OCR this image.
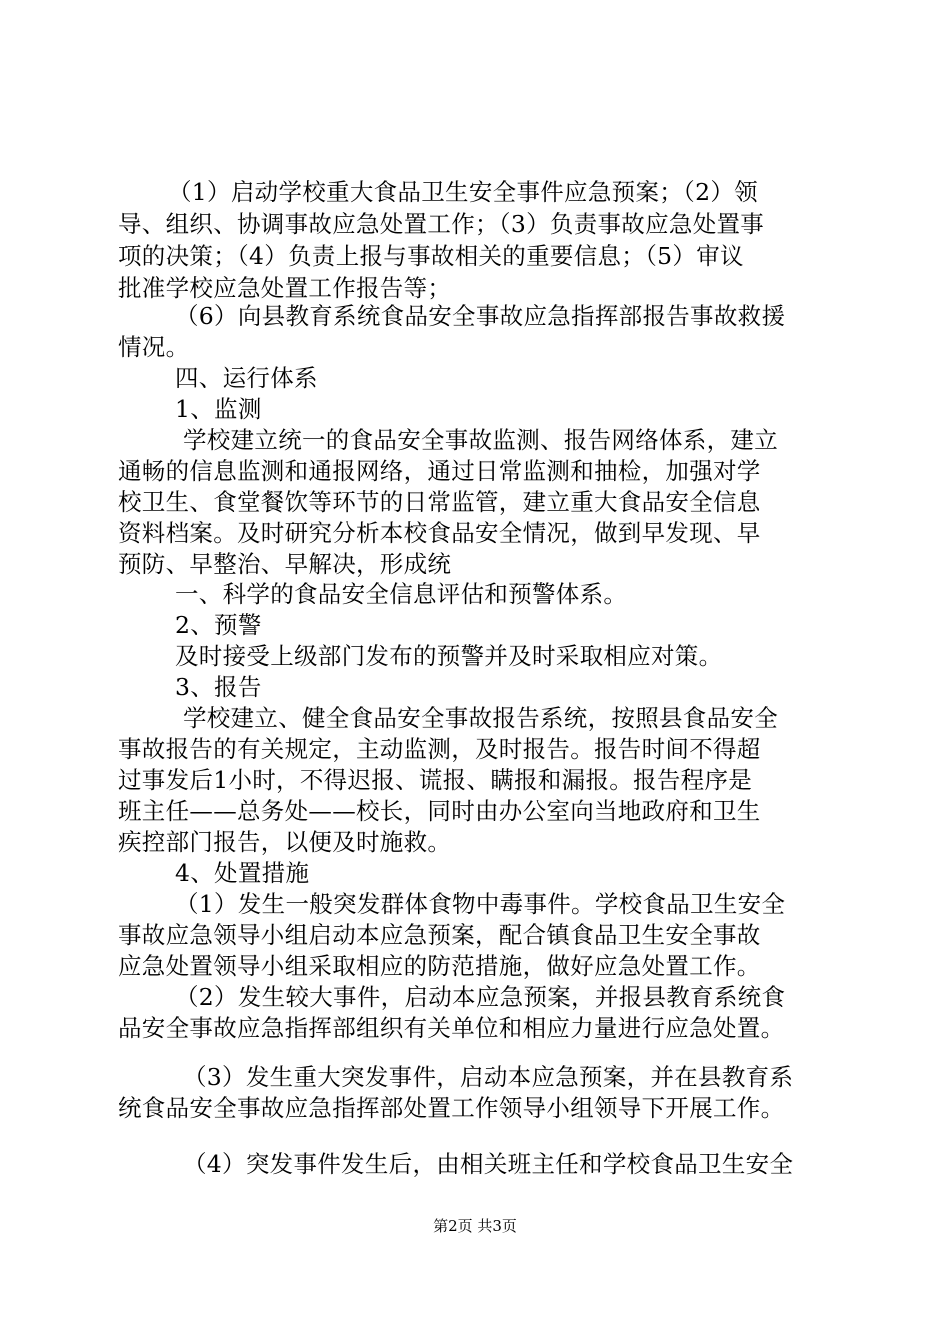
（1）启动学校重大食品卫生安全事件应急预案；（2）领
导、组织、协调事故应急处置工作；（3）负责事故应急处置事
项的决策；（4）负责上报与事故相关的重要信息；（5）审议
批准学校应急处置工作报告等；
（6）向县教育系统食品安全事故应急指挥部报告事故救援
情况。
四、运行体系
1、监测
学校建立统一的食品安全事故监测、报告网络体系，建立
通畅的信息监测和通报网络，通过日常监测和抽检，加强对学
校卫生、食堂餐饮等环节的日常监管，建立重大食品安全信息
资料档案。及时研究分析本校食品安全情况，做到早发现、早
预防、早整治、早解决，形成统
一、科学的食品安全信息评估和预警体系。
2、预警
及时接受上级部门发布的预警并及时采取相应对策。
3、报告
学校建立、健全食品安全事故报告系统，按照县食品安全
事故报告的有关规定，主动监测，及时报告。报告时间不得超
过事发后1小时，不得迟报、谎报、瞒报和漏报。报告程序是
班主任——总务处——校长，同时由办公室向当地政府和卫生
疾控部门报告，以便及时施救。
4、处置措施
（1）发生一般突发群体食物中毒事件。学校食品卫生安全
事故应急领导小组启动本应急预案，配合镇食品卫生安全事故
应急处置领导小组采取相应的防范措施，做好应急处置工作。
（2）发生较大事件，启动本应急预案，并报县教育系统食
品安全事故应急指挥部组织有关单位和相应力量进行应急处置。
（3）发生重大突发事件，启动本应急预案，并在县教育系
统食品安全事故应急指挥部处置工作领导小组领导下开展工作。
（4）突发事件发生后，由相关班主任和学校食品卫生安全
第2页 共3页
